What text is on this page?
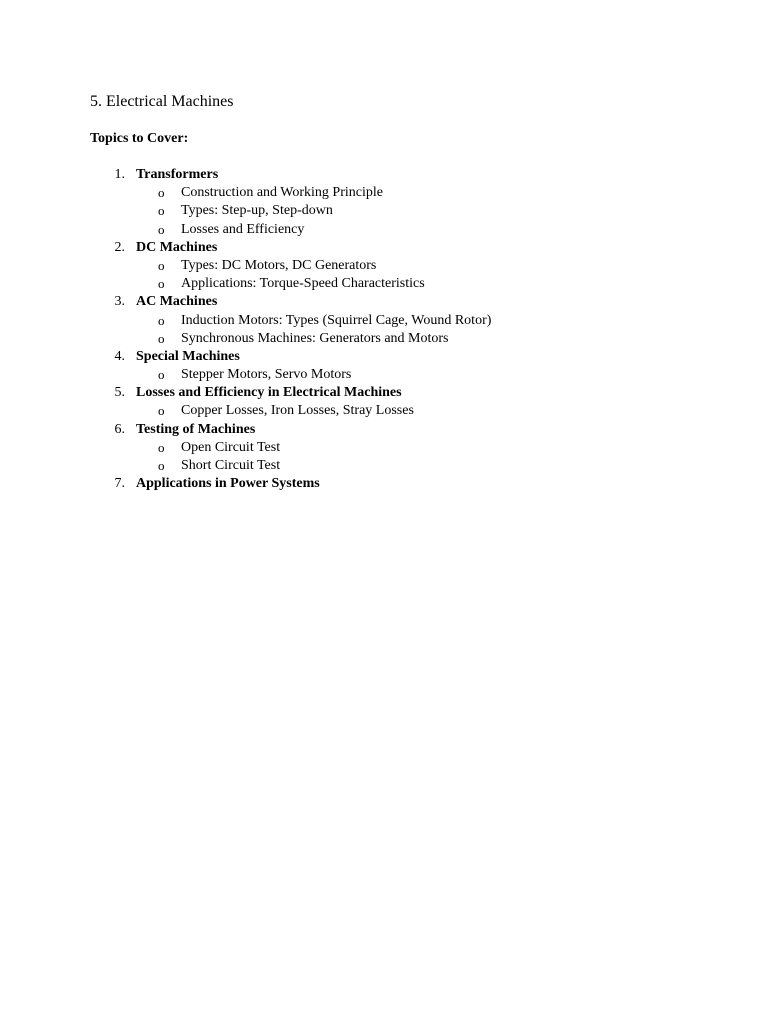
5. Electrical Machines

Topics to Cover:

1. Transformers
o Construction and Working Principle
o Types: Step-up, Step-down
o Losses and Efficiency
2. DC Machines
o Types: DC Motors, DC Generators
o Applications: Torque-Speed Characteristics
3. AC Machines
o Induction Motors: Types (Squirrel Cage, Wound Rotor)
o Synchronous Machines: Generators and Motors
4. Special Machines
o Stepper Motors, Servo Motors
5. Losses and Efficiency in Electrical Machines
o Copper Losses, Iron Losses, Stray Losses
6. Testing of Machines
o Open Circuit Test
o Short Circuit Test
7. Applications in Power Systems
